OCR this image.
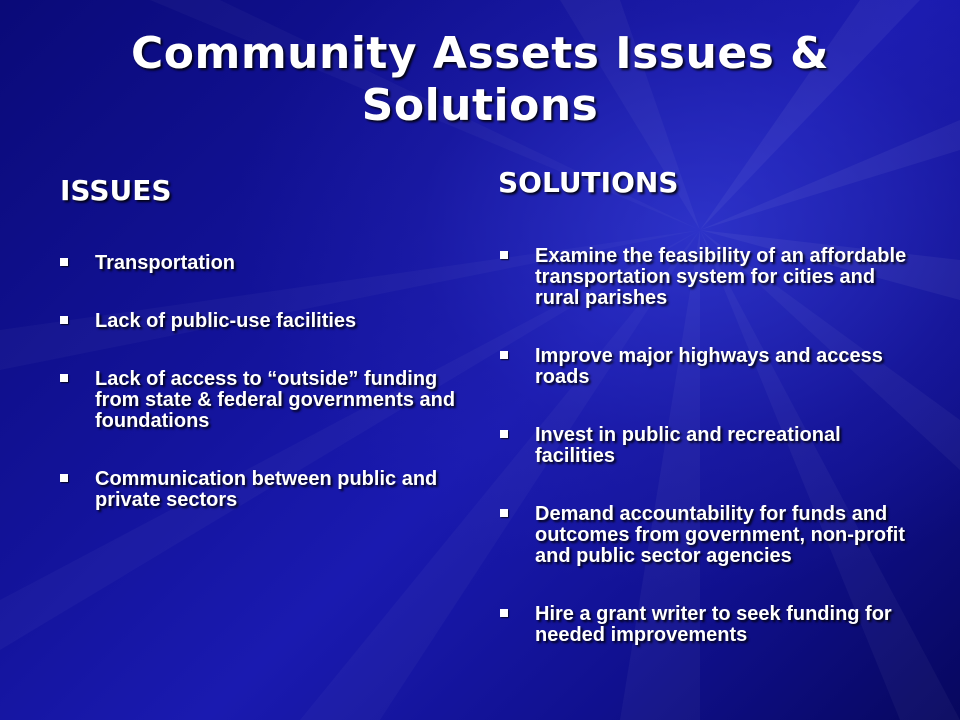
Community Assets Issues & Solutions
ISSUES
Transportation
Lack of public-use facilities
Lack of access to “outside” funding from state & federal governments and foundations
Communication between public and private sectors
SOLUTIONS
Examine the feasibility of an affordable transportation system for cities and rural parishes
Improve major highways and access roads
Invest in public and recreational facilities
Demand accountability for funds and outcomes from government, non-profit and public sector agencies
Hire a grant writer to seek funding for needed improvements
